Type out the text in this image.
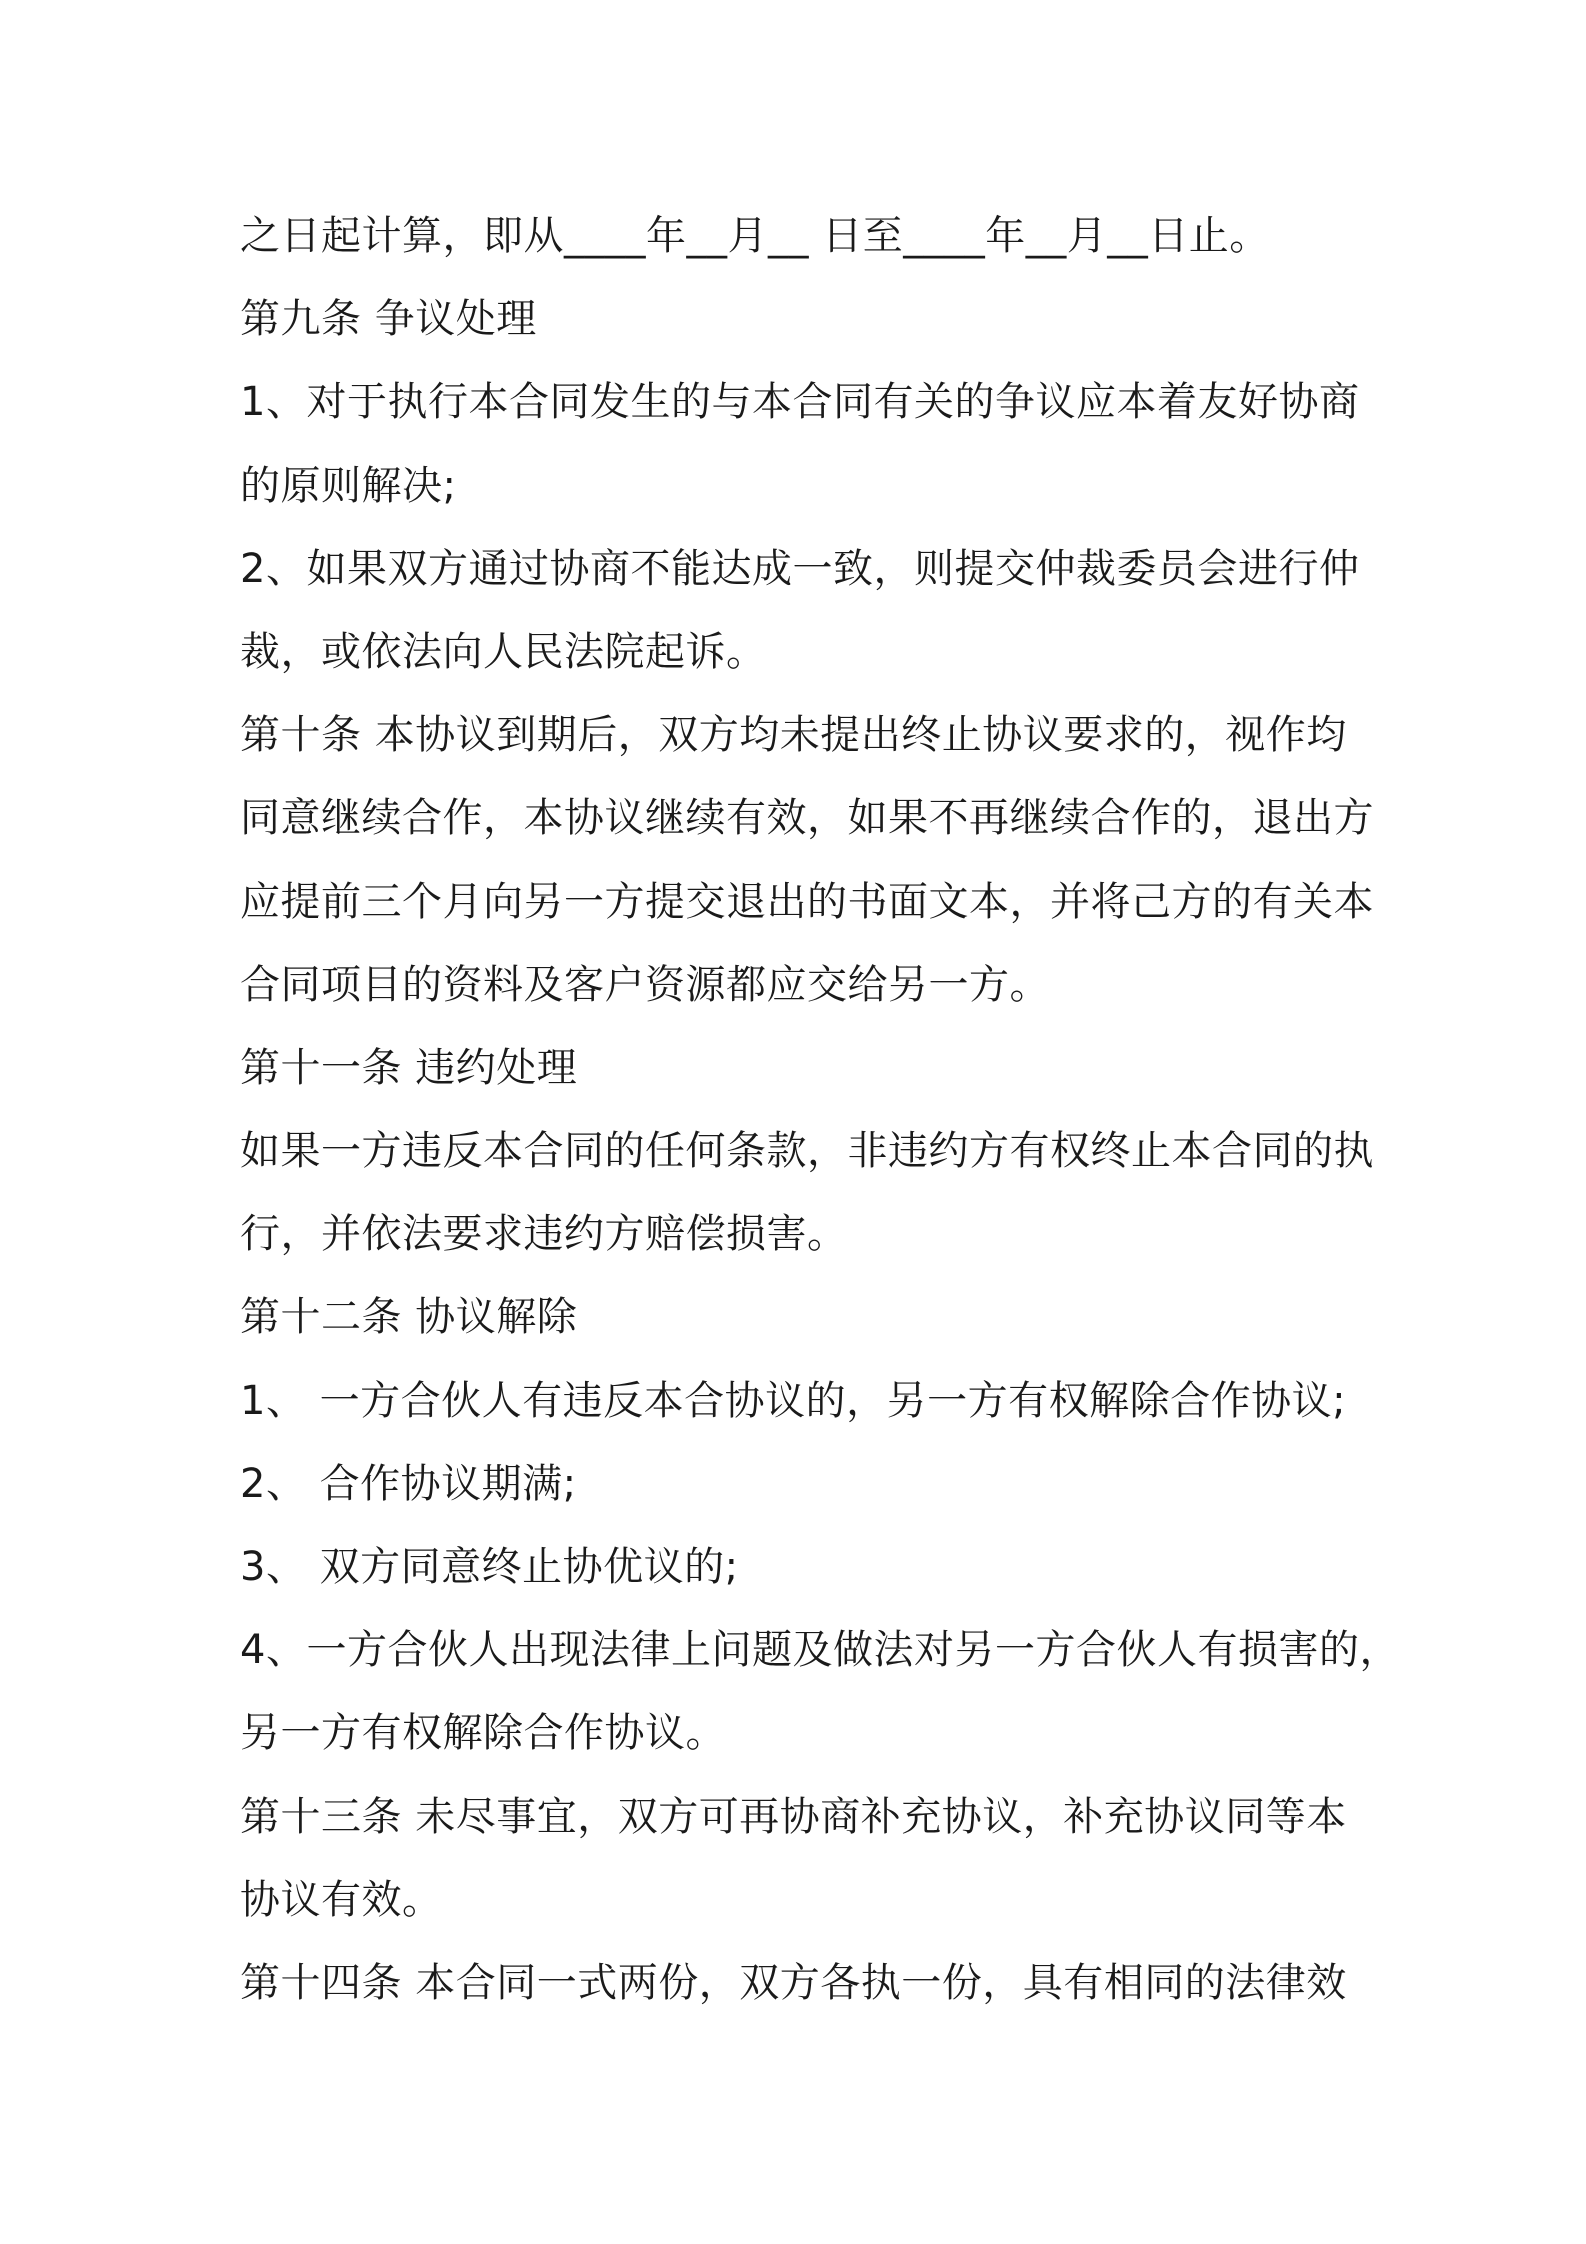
之日起计算，即从____年__月__ 日至____年__月__日止。
第九条 争议处理
1、对于执行本合同发生的与本合同有关的争议应本着友好协商
的原则解决;
2、如果双方通过协商不能达成一致，则提交仲裁委员会进行仲
裁，或依法向人民法院起诉。
第十条 本协议到期后，双方均未提出终止协议要求的，视作均
同意继续合作，本协议继续有效，如果不再继续合作的，退出方
应提前三个月向另一方提交退出的书面文本，并将己方的有关本
合同项目的资料及客户资源都应交给另一方。
第十一条 违约处理
如果一方违反本合同的任何条款，非违约方有权终止本合同的执
行，并依法要求违约方赔偿损害。
第十二条 协议解除
1、 一方合伙人有违反本合协议的，另一方有权解除合作协议;
2、 合作协议期满;
3、 双方同意终止协优议的;
4、一方合伙人出现法律上问题及做法对另一方合伙人有损害的，
另一方有权解除合作协议。
第十三条 未尽事宜，双方可再协商补充协议，补充协议同等本
协议有效。
第十四条 本合同一式两份，双方各执一份，具有相同的法律效
